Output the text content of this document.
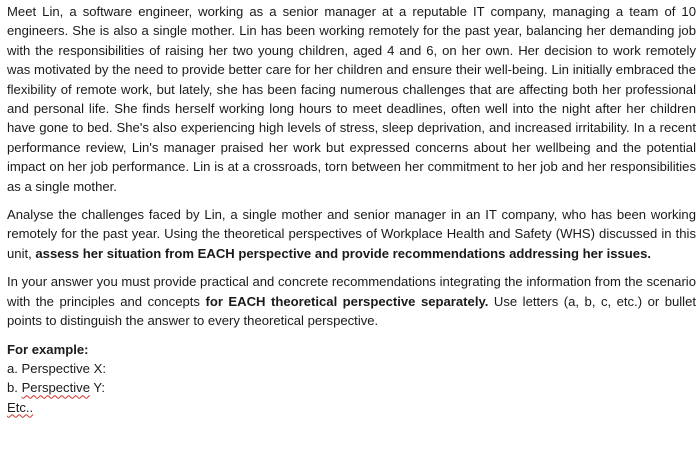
Meet Lin, a software engineer, working as a senior manager at a reputable IT company, managing a team of 10 engineers. She is also a single mother. Lin has been working remotely for the past year, balancing her demanding job with the responsibilities of raising her two young children, aged 4 and 6, on her own. Her decision to work remotely was motivated by the need to provide better care for her children and ensure their well-being. Lin initially embraced the flexibility of remote work, but lately, she has been facing numerous challenges that are affecting both her professional and personal life. She finds herself working long hours to meet deadlines, often well into the night after her children have gone to bed. She's also experiencing high levels of stress, sleep deprivation, and increased irritability. In a recent performance review, Lin's manager praised her work but expressed concerns about her wellbeing and the potential impact on her job performance. Lin is at a crossroads, torn between her commitment to her job and her responsibilities as a single mother.

Analyse the challenges faced by Lin, a single mother and senior manager in an IT company, who has been working remotely for the past year. Using the theoretical perspectives of Workplace Health and Safety (WHS) discussed in this unit, assess her situation from EACH perspective and provide recommendations addressing her issues.

In your answer you must provide practical and concrete recommendations integrating the information from the scenario with the principles and concepts for EACH theoretical perspective separately. Use letters (a, b, c, etc.) or bullet points to distinguish the answer to every theoretical perspective.

For example:
a. Perspective X:
b. Perspective Y:
Etc..
